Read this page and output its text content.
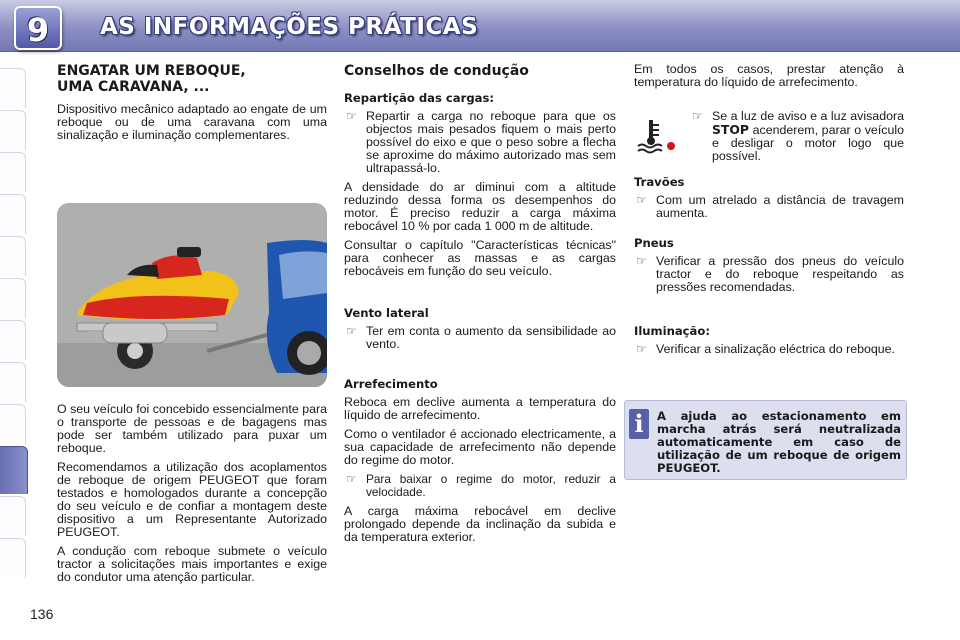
9	AS INFORMAÇÕES PRÁTICAS
ENGATAR UM REBOQUE,
UMA CARAVANA, ...

Dispositivo mecânico adaptado ao engate de um reboque ou de uma caravana com uma sinalização e iluminação complementares.

O seu veículo foi concebido essencialmente para o transporte de pessoas e de bagagens mas pode ser também utilizado para puxar um reboque.

Recomendamos a utilização dos acoplamentos de reboque de origem PEUGEOT que foram testados e homologados durante a concepção do seu veículo e de confiar a montagem deste dispositivo a um Representante Autorizado PEUGEOT.

A condução com reboque submete o veículo tractor a solicitações mais importantes e exige do condutor uma atenção particular.

Conselhos de condução
Repartição das cargas:
☞ Repartir a carga no reboque para que os objectos mais pesados fiquem o mais perto possível do eixo e que o peso sobre a flecha se aproxime do máximo autorizado mas sem ultrapassá-lo.

A densidade do ar diminui com a altitude reduzindo dessa forma os desempenhos do motor. É preciso reduzir a carga máxima rebocável 10 % por cada 1 000 m de altitude.

Consultar o capítulo "Características técnicas" para conhecer as massas e as cargas rebocáveis em função do seu veículo.

Vento lateral
☞ Ter em conta o aumento da sensibilidade ao vento.
Arrefecimento

Reboca em declive aumenta a temperatura do líquido de arrefecimento.

Como o ventilador é accionado electricamente, a sua capacidade de arrefecimento não depende do regime do motor.

☞ Para baixar o regime do motor, reduzir a velocidade.

A carga máxima rebocável em declive prolongado depende da inclinação da subida e da temperatura exterior.

Em todos os casos, prestar atenção à temperatura do líquido de arrefecimento.

☞ Se a luz de aviso e a luz avisadora STOP acenderem, parar o veículo e desligar o motor logo que possível.
Travões
☞ Com um atrelado a distância de travagem aumenta.
Pneus
☞ Verificar a pressão dos pneus do veículo tractor e do reboque respeitando as pressões recomendadas.
Iluminação:
☞ Verificar a sinalização eléctrica do reboque.
i	A ajuda ao estacionamento em marcha atrás será neutralizada automaticamente em caso de utilização de um reboque de origem PEUGEOT.
136
